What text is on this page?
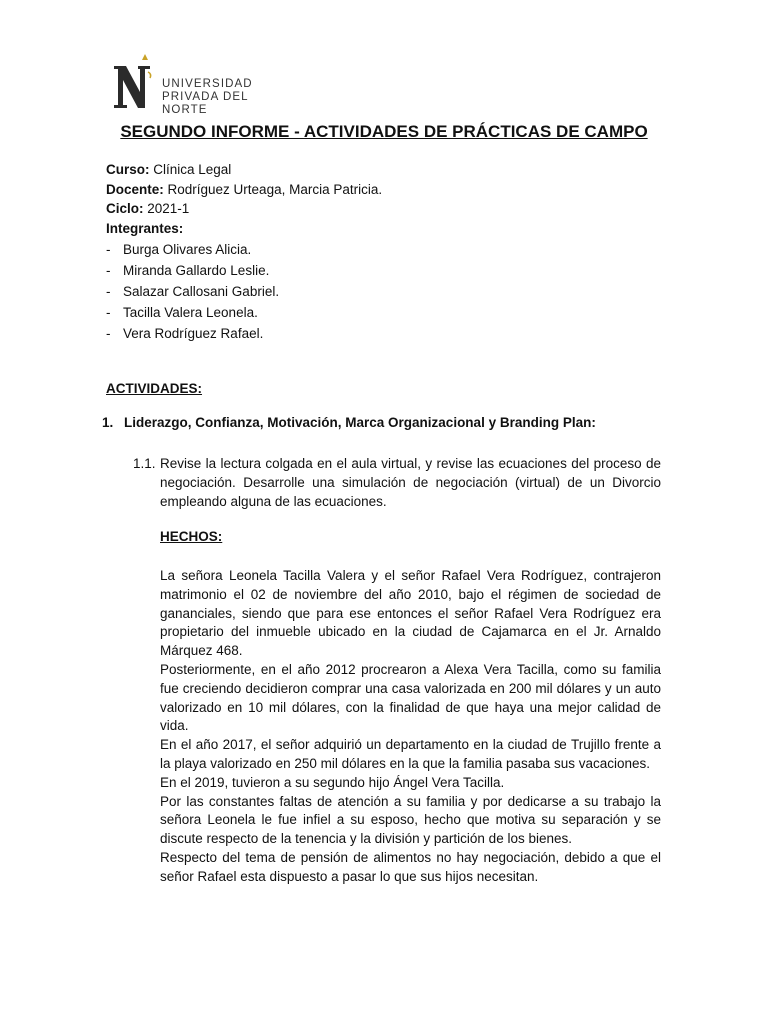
UNIVERSIDAD
PRIVADA DEL NORTE
SEGUNDO INFORME - ACTIVIDADES DE PRÁCTICAS DE CAMPO
Curso: Clínica Legal
Docente: Rodríguez Urteaga, Marcia Patricia.
Ciclo: 2021-1
Integrantes:
- Burga Olivares Alicia.
- Miranda Gallardo Leslie.
- Salazar Callosani Gabriel.
- Tacilla Valera Leonela.
- Vera Rodríguez Rafael.
ACTIVIDADES:
1. Liderazgo, Confianza, Motivación, Marca Organizacional y Branding Plan:
1.1. Revise la lectura colgada en el aula virtual, y revise las ecuaciones del proceso de negociación. Desarrolle una simulación de negociación (virtual) de un Divorcio empleando alguna de las ecuaciones.
HECHOS:

La señora Leonela Tacilla Valera y el señor Rafael Vera Rodríguez, contrajeron matrimonio el 02 de noviembre del año 2010, bajo el régimen de sociedad de gananciales, siendo que para ese entonces el señor Rafael Vera Rodríguez era propietario del inmueble ubicado en la ciudad de Cajamarca en el Jr. Arnaldo Márquez 468.

Posteriormente, en el año 2012 procrearon a Alexa Vera Tacilla, como su familia fue creciendo decidieron comprar una casa valorizada en 200 mil dólares y un auto valorizado en 10 mil dólares, con la finalidad de que haya una mejor calidad de vida.

En el año 2017, el señor adquirió un departamento en la ciudad de Trujillo frente a la playa valorizado en 250 mil dólares en la que la familia pasaba sus vacaciones.

En el 2019, tuvieron a su segundo hijo Ángel Vera Tacilla.

Por las constantes faltas de atención a su familia y por dedicarse a su trabajo la señora Leonela le fue infiel a su esposo, hecho que motiva su separación y se discute respecto de la tenencia y la división y partición de los bienes.

Respecto del tema de pensión de alimentos no hay negociación, debido a que el señor Rafael esta dispuesto a pasar lo que sus hijos necesitan.
